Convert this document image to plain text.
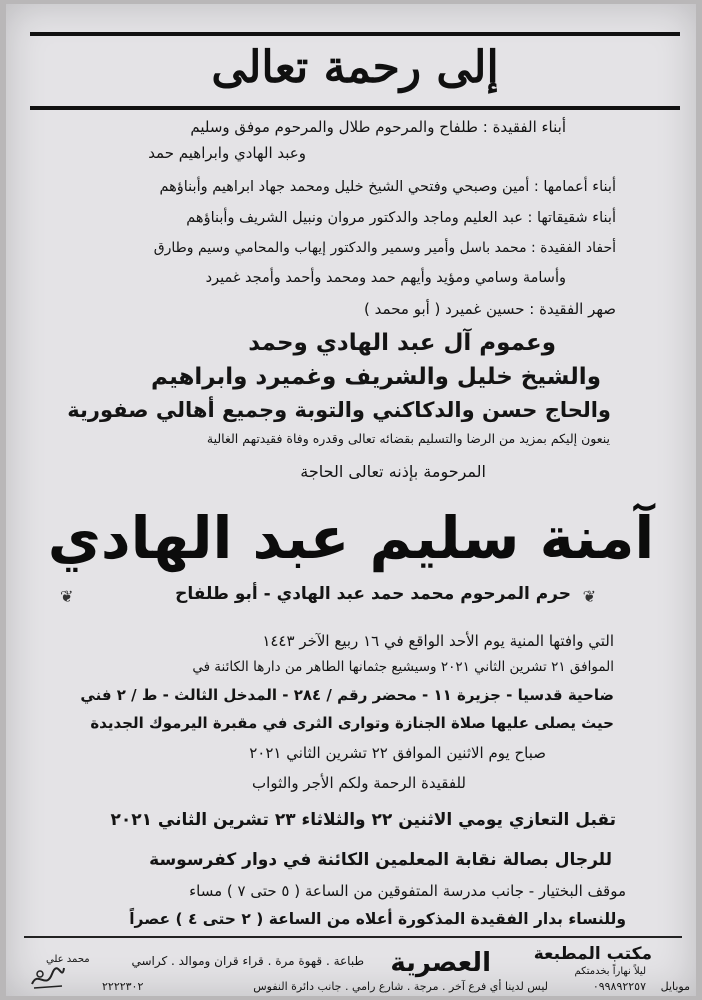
إلى رحمة تعالى
أبناء الفقيدة : طلفاح والمرحوم طلال والمرحوم موفق وسليم
وعبد الهادي وابراهيم حمد
أبناء أعمامها : أمين وصبحي وفتحي الشيخ خليل ومحمد جهاد ابراهيم وأبناؤهم
أبناء شقيقاتها : عبد العليم وماجد والدكتور مروان ونبيل الشريف وأبناؤهم
أحفاد الفقيدة : محمد باسل وأمير وسمير والدكتور إيهاب والمحامي وسيم وطارق
وأسامة وسامي ومؤيد وأيهم حمد ومحمد وأحمد وأمجد غميرد
صهر الفقيدة : حسين غميرد ( أبو محمد )
وعموم آل عبد الهادي وحمد
والشيخ خليل والشريف وغميرد وابراهيم
والحاج حسن والدكاكني والتوبة وجميع أهالي صفورية
ينعون إليكم بمزيد من الرضا والتسليم بقضائه تعالى وقدره وفاة فقيدتهم الغالية
المرحومة بإذنه تعالى الحاجة
آمنة سليم عبد الهادي
❦
حرم المرحوم محمد حمد عبد الهادي - أبو طلفاح
❦
التي وافتها المنية يوم الأحد الواقع في ١٦ ربيع الآخر ١٤٤٣
الموافق ٢١ تشرين الثاني ٢٠٢١ وسيشيع جثمانها الطاهر من دارها الكائنة في
ضاحية قدسيا - جزيرة ١١ - محضر رقم / ٢٨٤ - المدخل الثالث - ط / ٢ فني
حيث يصلى عليها صلاة الجنازة وتوارى الثرى في مقبرة اليرموك الجديدة
صباح يوم الاثنين الموافق ٢٢ تشرين الثاني ٢٠٢١
للفقيدة الرحمة ولكم الأجر والثواب
تقبل التعازي يومي الاثنين ٢٢ والثلاثاء ٢٣ تشرين الثاني ٢٠٢١
للرجال بصالة نقابة المعلمين الكائنة في دوار كفرسوسة
موقف البختيار - جانب مدرسة المتفوقين من الساعة ( ٥ حتى ٧ ) مساء
وللنساء بدار الفقيدة المذكورة أعلاه من الساعة ( ٢ حتى ٤ ) عصراً
مكتب المطبعة
العصرية
طباعة . قهوة مرة . قراء قران وموالد . كراسي
ليلاً نهاراً بخدمتكم
ليس لدينا أي فرع آخر . مرجة . شارع رامي . جانب دائرة النفوس
٢٢٢٢٣٠٢	موبايل
٠٩٩٨٩٢٢٥٧
محمد علي
